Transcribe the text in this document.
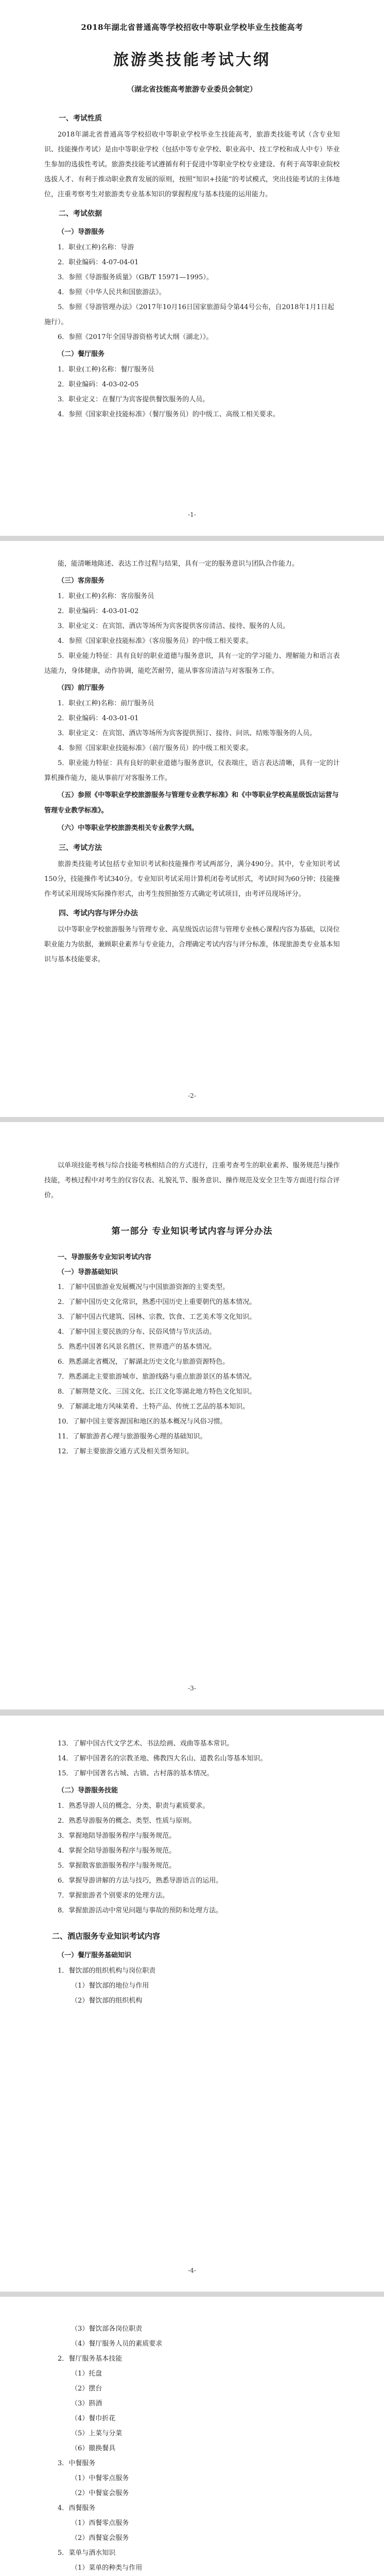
2018年湖北省普通高等学校招收中等职业学校毕业生技能高考
旅游类技能考试大纲
（湖北省技能高考旅游专业委员会制定）
一、考试性质

2018年湖北省普通高等学校招收中等职业学校毕业生技能高考，旅游类技能考试（含专业知识、技能操作考试）是由中等职业学校（包括中等专业学校、职业高中、技工学校和成人中专）毕业生参加的选拔性考试。旅游类技能考试遵循有利于促进中等职业学校专业建设、有利于高等职业院校选拔人才、有利于推动职业教育发展的原则，按照“知识+技能”的考试模式，突出技能考试的主体地位，注重考察考生对旅游类专业基本知识的掌握程度与基本技能的运用能力。

二、考试依据
（一）导游服务

1．职业(工种)名称：导游

2．职业编码：4-07-04-01

3．参照《导游服务质量》（GB/T 15971—1995）。

4．参照《中华人民共和国旅游法》。

5．参照《导游管理办法》（2017年10月16日国家旅游局令第44号公布，自2018年1月1日起施行）。

6．参照《2017年全国导游资格考试大纲（湖北）》。

（二）餐厅服务

1．职业(工种)名称：餐厅服务员

2．职业编码：4-03-02-05

3．职业定义：在餐厅为宾客提供餐饮服务的人员。

4．参照《国家职业技能标准》（餐厅服务员）的中级工、高级工相关要求。

-1-

能，能清晰地陈述、表达工作过程与结果，具有一定的服务意识与团队合作能力。

（三）客房服务

1．职业(工种)名称：客房服务员

2．职业编码：4-03-01-02

3．职业定义：在宾馆、酒店等场所为宾客提供客房清洁、接待、服务的人员。

4．参照《国家职业技能标准》（客房服务员）的中级工相关要求。

5．职业能力特征：具有良好的职业道德与服务意识，具有一定的学习能力、理解能力和语言表达能力，身体健康，动作协调，能吃苦耐劳，能从事客房清洁与对客服务工作。

（四）前厅服务

1．职业(工种)名称：前厅服务员

2．职业编码：4-03-01-01

3．职业定义：在宾馆、酒店等场所为宾客提供预订、接待、问讯、结账等服务的人员。

4．参照《国家职业技能标准》（前厅服务员）的中级工相关要求。

5．职业能力特征：具有良好的职业道德与服务意识，仪表端庄，语言表达清晰，具有一定的计算机操作能力，能从事前厅对客服务工作。

（五）参照《中等职业学校旅游服务与管理专业教学标准》和《中等职业学校高星级饭店运营与管理专业教学标准》。
（六）中等职业学校旅游类相关专业教学大纲。
三、考试方法

旅游类技能考试包括专业知识考试和技能操作考试两部分，满分490分。其中，专业知识考试150分，技能操作考试340分。专业知识考试采用计算机闭卷考试形式，考试时间为60分钟；技能操作考试采用现场实际操作形式，由考生按照抽签方式确定考试项目，由考评员现场评分。

四、考试内容与评分办法

以中等职业学校旅游服务与管理专业、高星级饭店运营与管理专业核心课程内容为基础，以岗位职业能力为依据，兼顾职业素养与专业能力，合理确定考试内容与评分标准，体现旅游类专业基本知识与基本技能要求。

-2-

以单项技能考核与综合技能考核相结合的方式进行，注重考查考生的职业素养、服务规范与操作技能，考核过程中对考生的仪容仪表、礼貌礼节、服务意识、操作规范及安全卫生等方面进行综合评价。

第一部分 专业知识考试内容与评分办法
一、导游服务专业知识考试内容
（一）导游基础知识

1．了解中国旅游业发展概况与中国旅游资源的主要类型。

2．了解中国历史文化常识，熟悉中国历史上重要朝代的基本情况。

3．了解中国古代建筑、园林、宗教、饮食、工艺美术等文化知识。

4．了解中国主要民族的分布、民俗风情与节庆活动。

5．熟悉中国著名风景名胜区、世界遗产的基本情况。

6．熟悉湖北省概况，了解湖北历史文化与旅游资源特色。

7．熟悉湖北主要旅游城市、旅游线路与重点旅游景区的基本情况。

8．了解荆楚文化、三国文化、长江文化等湖北地方特色文化知识。

9．了解湖北地方风味菜肴、土特产品、传统工艺品的基本知识。

10．了解中国主要客源国和地区的基本概况与风俗习惯。

11．了解旅游者心理与旅游服务心理的基础知识。

12．了解主要旅游交通方式及相关票务知识。

-3-

13．了解中国古代文学艺术、书法绘画、戏曲等基本常识。

14．了解中国著名的宗教圣地、佛教四大名山、道教名山等基本知识。

15．了解中国著名古城、古镇、古村落的基本情况。

（二）导游服务技能

1．熟悉导游人员的概念、分类、职责与素质要求。

2．熟悉导游服务的概念、类型、性质与原则。

3．掌握地陪导游服务程序与服务规范。

4．掌握全陪导游服务程序与服务规范。

5．掌握散客旅游服务程序与服务规范。

6．掌握导游讲解的方法与技巧，熟悉导游语言的运用。

7．掌握旅游者个别要求的处理方法。

8．掌握旅游活动中常见问题与事故的预防和处理方法。

二、酒店服务专业知识考试内容
（一）餐厅服务基础知识

1．餐饮部的组织机构与岗位职责

（1）餐饮部的地位与作用

（2）餐饮部的组织机构

-4-

（3）餐饮部各岗位职责

（4）餐厅服务人员的素质要求

2．餐厅服务基本技能

（1）托盘

（2）摆台

（3）斟酒

（4）餐巾折花

（5）上菜与分菜

（6）撤换餐具

3．中餐服务

（1）中餐零点服务

（2）中餐宴会服务

4．西餐服务

（1）西餐零点服务

（2）西餐宴会服务

5．菜单与酒水知识

（1）菜单的种类与作用
